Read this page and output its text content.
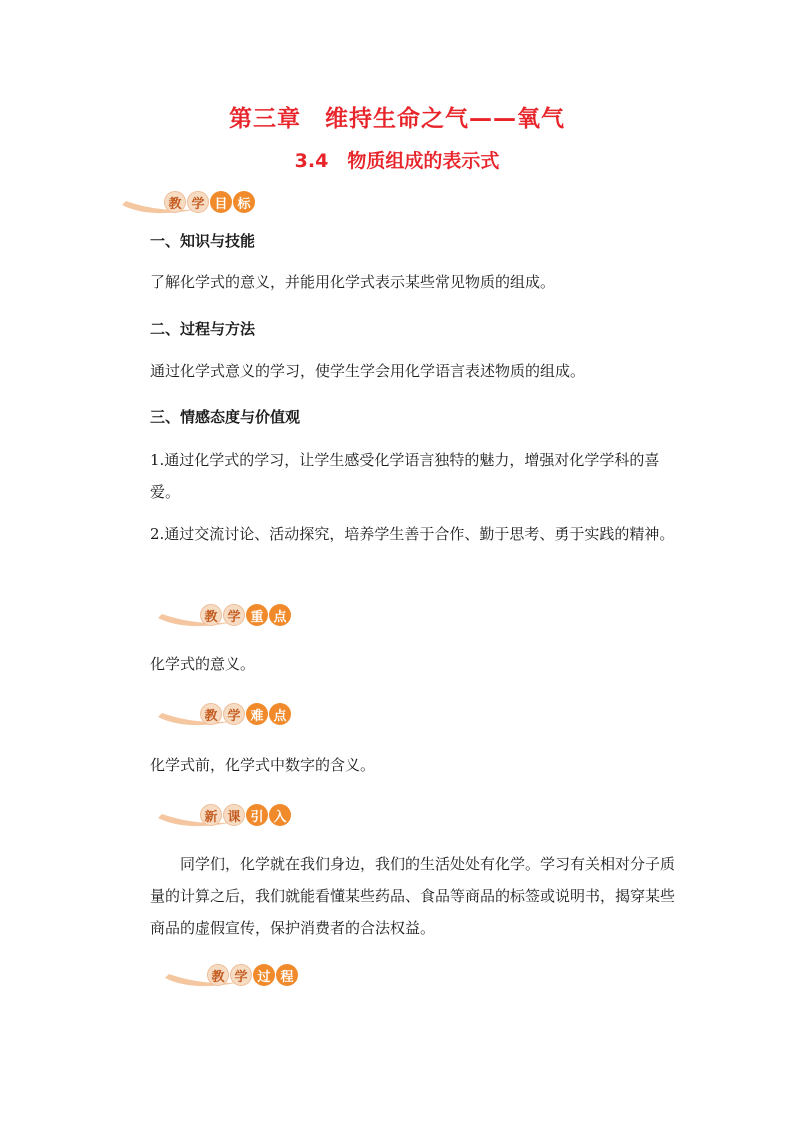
第三章　维持生命之气——氧气
3.4　物质组成的表示式
教 学 目 标
一、知识与技能
了解化学式的意义，并能用化学式表示某些常见物质的组成。
二、过程与方法
通过化学式意义的学习，使学生学会用化学语言表述物质的组成。
三、情感态度与价值观
1.通过化学式的学习，让学生感受化学语言独特的魅力，增强对化学学科的喜爱。
2.通过交流讨论、活动探究，培养学生善于合作、勤于思考、勇于实践的精神。
教 学 重 点
化学式的意义。
教 学 难 点
化学式前，化学式中数字的含义。
新 课 引 入
同学们，化学就在我们身边，我们的生活处处有化学。学习有关相对分子质量的计算之后，我们就能看懂某些药品、食品等商品的标签或说明书，揭穿某些商品的虚假宣传，保护消费者的合法权益。
教 学 过 程
